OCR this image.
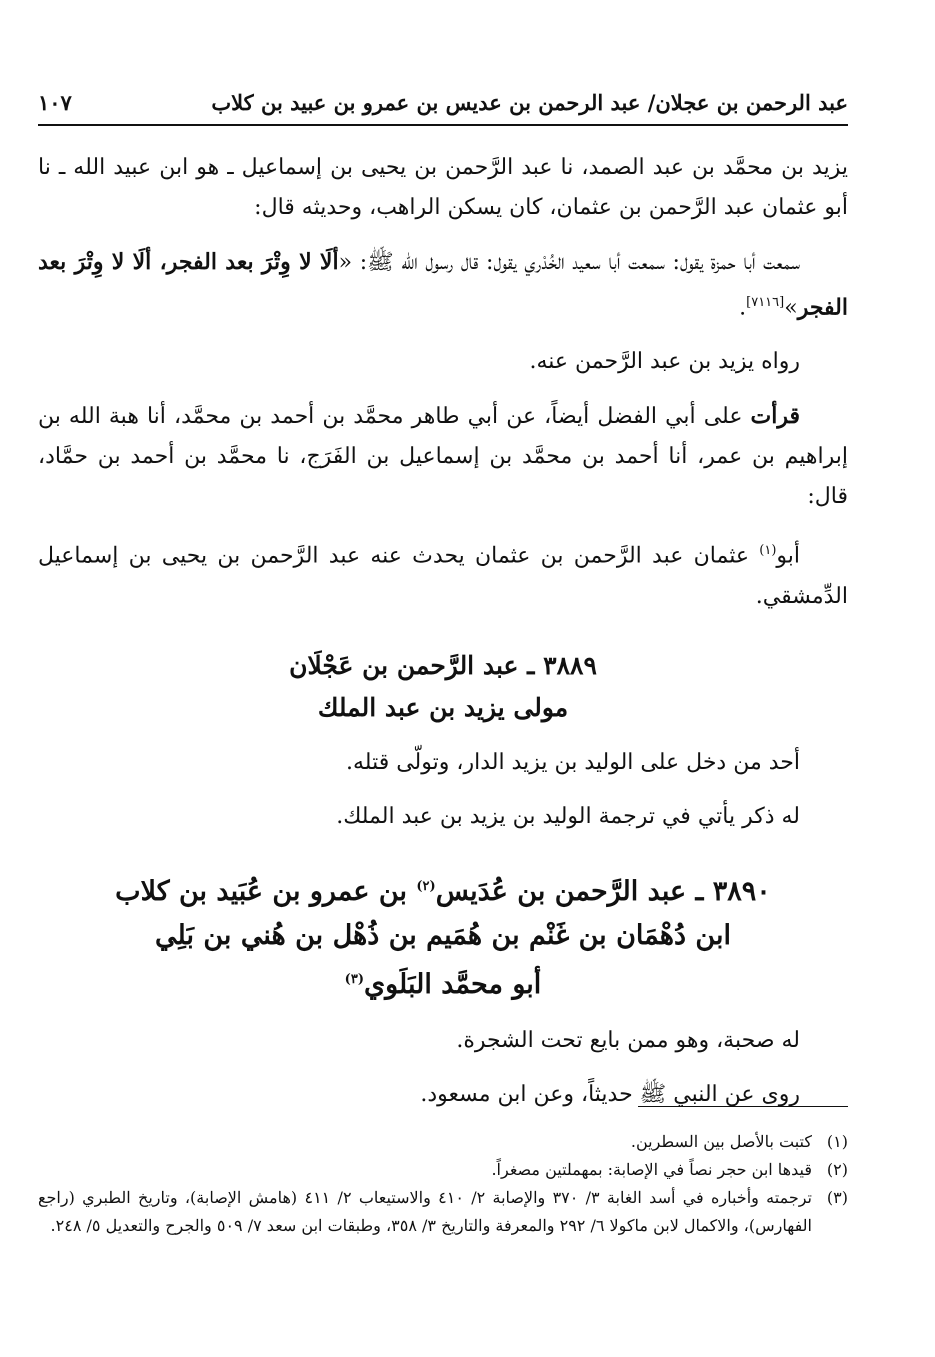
عبد الرحمن بن عجلان/ عبد الرحمن بن عديس بن عمرو بن عبيد بن كلاب
١٠٧

يزيد بن محمَّد بن عبد الصمد، نا عبد الرَّحمن بن يحيى بن إسماعيل ـ هو ابن عبيد الله ـ نا أبو عثمان عبد الرَّحمن بن عثمان، كان يسكن الراهب، وحديثه قال:

سمعت أبا حمزة يقول: سمعت أبا سعيد الخُدْري يقول: قال رسول الله ﷺ: «ألَا لا وِتْرَ بعد الفجر، ألَا لا وِتْرَ بعد الفجر»[٧١١٦].

رواه يزيد بن عبد الرَّحمن عنه.

قرأت على أبي الفضل أيضاً، عن أبي طاهر محمَّد بن أحمد بن محمَّد، أنا هبة الله بن إبراهيم بن عمر، أنا أحمد بن محمَّد بن إسماعيل بن الفَرَج، نا محمَّد بن أحمد بن حمَّاد، قال:

أبو$^{(١)}$ عثمان عبد الرَّحمن بن عثمان يحدث عنه عبد الرَّحمن بن يحيى بن إسماعيل الدِّمشقي.

٣٨٨٩ ـ عبد الرَّحمن بن عَجْلَان
مولى يزيد بن عبد الملك

أحد من دخل على الوليد بن يزيد الدار، وتولّى قتله.

له ذكر يأتي في ترجمة الوليد بن يزيد بن عبد الملك.

٣٨٩٠ ـ عبد الرَّحمن بن عُدَيس$^{(٢)}$ بن عمرو بن عُبَيد بن كلاب
ابن دُهْمَان بن غَنْم بن هُمَيم بن ذُهْل بن هُني بن بَلِي
أبو محمَّد البَلَوي$^{(٣)}$

له صحبة، وهو ممن بايع تحت الشجرة.

روى عن النبي ﷺ حديثاً، وعن ابن مسعود.

(١)
كتبت بالأصل بين السطرين.
(٢)
قيدها ابن حجر نصاً في الإصابة: بمهملتين مصغراً.
(٣)
ترجمته وأخباره في أسد الغابة ٣/ ٣٧٠ والإصابة ٢/ ٤١٠ والاستيعاب ٢/ ٤١١ (هامش الإصابة)، وتاريخ الطبري (راجع الفهارس)، والاكمال لابن ماكولا ٦/ ٢٩٢ والمعرفة والتاريخ ٣/ ٣٥٨، وطبقات ابن سعد ٧/ ٥٠٩ والجرح والتعديل ٥/ ٢٤٨.
